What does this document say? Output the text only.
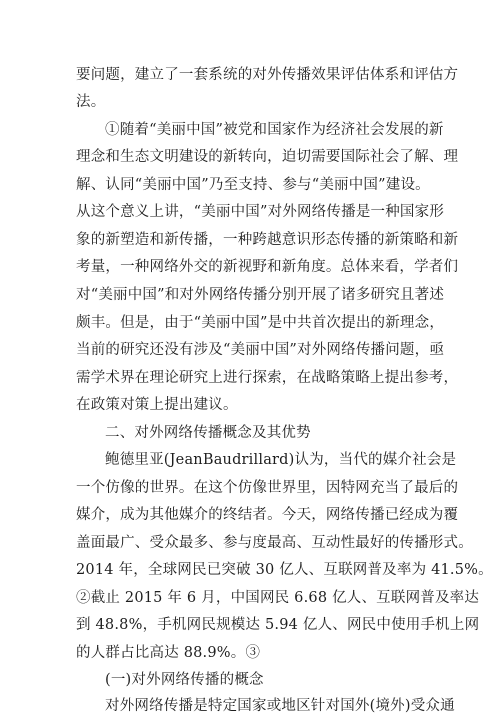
要问题，建立了一套系统的对外传播效果评估体系和评估方
法。
①随着“美丽中国”被党和国家作为经济社会发展的新
理念和生态文明建设的新转向，迫切需要国际社会了解、理
解、认同“美丽中国”乃至支持、参与“美丽中国”建设。
从这个意义上讲，“美丽中国”对外网络传播是一种国家形
象的新塑造和新传播，一种跨越意识形态传播的新策略和新
考量，一种网络外交的新视野和新角度。总体来看，学者们
对“美丽中国”和对外网络传播分别开展了诸多研究且著述
颇丰。但是，由于“美丽中国”是中共首次提出的新理念，
当前的研究还没有涉及“美丽中国”对外网络传播问题，亟
需学术界在理论研究上进行探索，在战略策略上提出参考，
在政策对策上提出建议。
二、对外网络传播概念及其优势
鲍德里亚(JeanBaudrillard)认为，当代的媒介社会是
一个仿像的世界。在这个仿像世界里，因特网充当了最后的
媒介，成为其他媒介的终结者。今天，网络传播已经成为覆
盖面最广、受众最多、参与度最高、互动性最好的传播形式。
2014 年，全球网民已突破 30 亿人、互联网普及率为 41.5%。
②截止 2015 年 6 月，中国网民 6.68 亿人、互联网普及率达
到 48.8%，手机网民规模达 5.94 亿人、网民中使用手机上网
的人群占比高达 88.9%。③
(一)对外网络传播的概念
对外网络传播是特定国家或地区针对国外(境外)受众通
